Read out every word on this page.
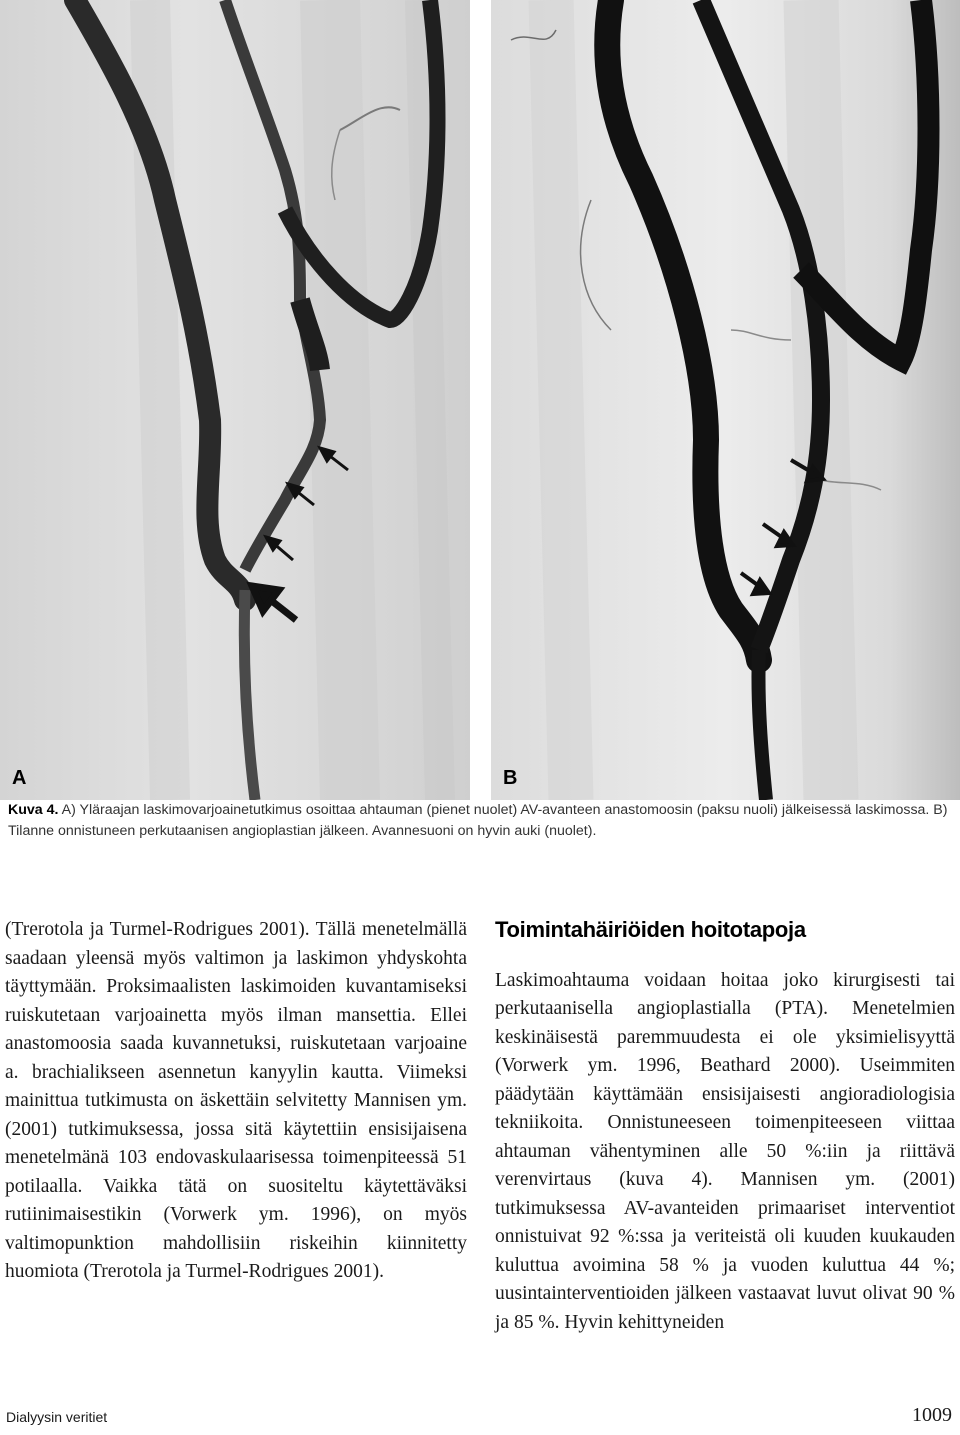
A	B
Kuva 4. A) Yläraajan laskimovarjoainetutkimus osoittaa ahtauman (pienet nuolet) AV-avanteen anastomoosin (paksu nuoli) jälkeisessä laskimossa. B) Tilanne onnistuneen perkutaanisen angioplastian jälkeen. Avannesuoni on hyvin auki (nuolet).

(Trerotola ja Turmel-Rodrigues 2001). Tällä menetelmällä saadaan yleensä myös valtimon ja laskimon yhdyskohta täyttymään. Proksimaalisten laskimoiden kuvantamiseksi ruiskutetaan varjoainetta myös ilman mansettia. Ellei anastomoosia saada kuvannetuksi, ruiskutetaan varjoaine a. brachialikseen asennetun kanyylin kautta. Viimeksi mainittua tutkimusta on äskettäin selvitetty Mannisen ym. (2001) tutkimuksessa, jossa sitä käytettiin ensisijaisena menetelmänä 103 endovaskulaarisessa toimenpiteessä 51 potilaalla. Vaikka tätä on suositeltu käytettäväksi rutiinimaisestikin (Vorwerk ym. 1996), on myös valtimopunktion mahdollisiin riskeihin kiinnitetty huomiota (Trerotola ja Turmel-Rodrigues 2001).

Toimintahäiriöiden hoitotapoja

Laskimoahtauma voidaan hoitaa joko kirurgisesti tai perkutaanisella angioplastialla (PTA). Menetelmien keskinäisestä paremmuudesta ei ole yksimielisyyttä (Vorwerk ym. 1996, Beathard 2000). Useimmiten päädytään käyttämään ensisijaisesti angioradiologisia tekniikoita. Onnistuneeseen toimenpiteeseen viittaa ahtauman vähentyminen alle 50 %:iin ja riittävä verenvirtaus (kuva 4). Mannisen ym. (2001) tutkimuksessa AV-avanteiden primaariset interventiot onnistuivat 92 %:ssa ja veriteistä oli kuuden kuukauden kuluttua avoimina 58 % ja vuoden kuluttua 44 %; uusintainterventioiden jälkeen vastaavat luvut olivat 90 % ja 85 %. Hyvin kehittyneiden

Dialyysin veritiet	1009
